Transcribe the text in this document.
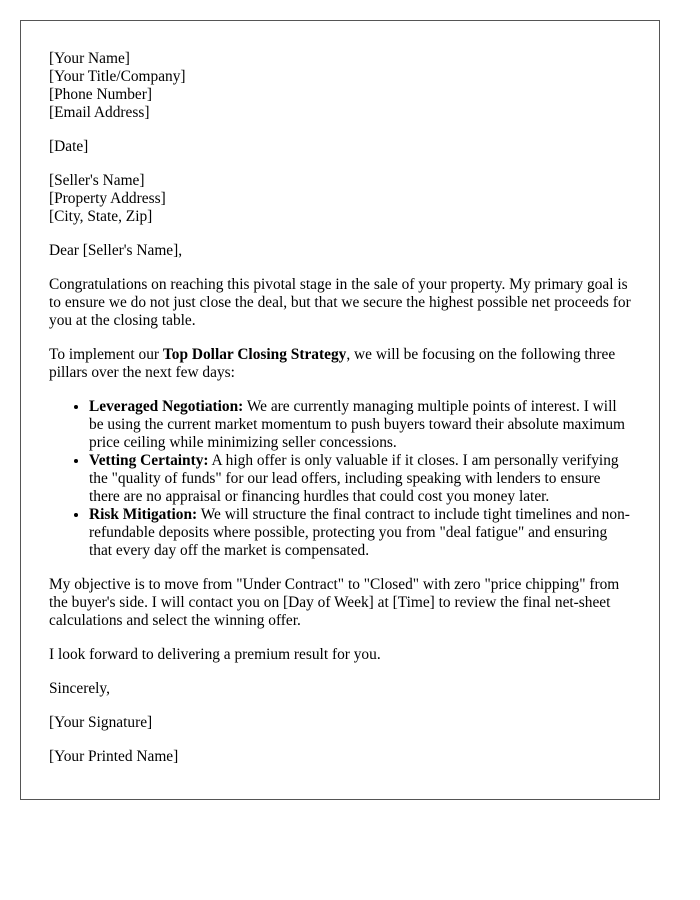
[Your Name]
[Your Title/Company]
[Phone Number]
[Email Address]
[Date]
[Seller's Name]
[Property Address]
[City, State, Zip]

Dear [Seller's Name],

Congratulations on reaching this pivotal stage in the sale of your property. My primary goal is to ensure we do not just close the deal, but that we secure the highest possible net proceeds for you at the closing table.

To implement our Top Dollar Closing Strategy, we will be focusing on the following three pillars over the next few days:

• Leveraged Negotiation: We are currently managing multiple points of interest. I will be using the current market momentum to push buyers toward their absolute maximum price ceiling while minimizing seller concessions.
• Vetting Certainty: A high offer is only valuable if it closes. I am personally verifying the "quality of funds" for our lead offers, including speaking with lenders to ensure there are no appraisal or financing hurdles that could cost you money later.
• Risk Mitigation: We will structure the final contract to include tight timelines and non-refundable deposits where possible, protecting you from "deal fatigue" and ensuring that every day off the market is compensated.

My objective is to move from "Under Contract" to "Closed" with zero "price chipping" from the buyer's side. I will contact you on [Day of Week] at [Time] to review the final net-sheet calculations and select the winning offer.

I look forward to delivering a premium result for you.

Sincerely,

[Your Signature]

[Your Printed Name]
